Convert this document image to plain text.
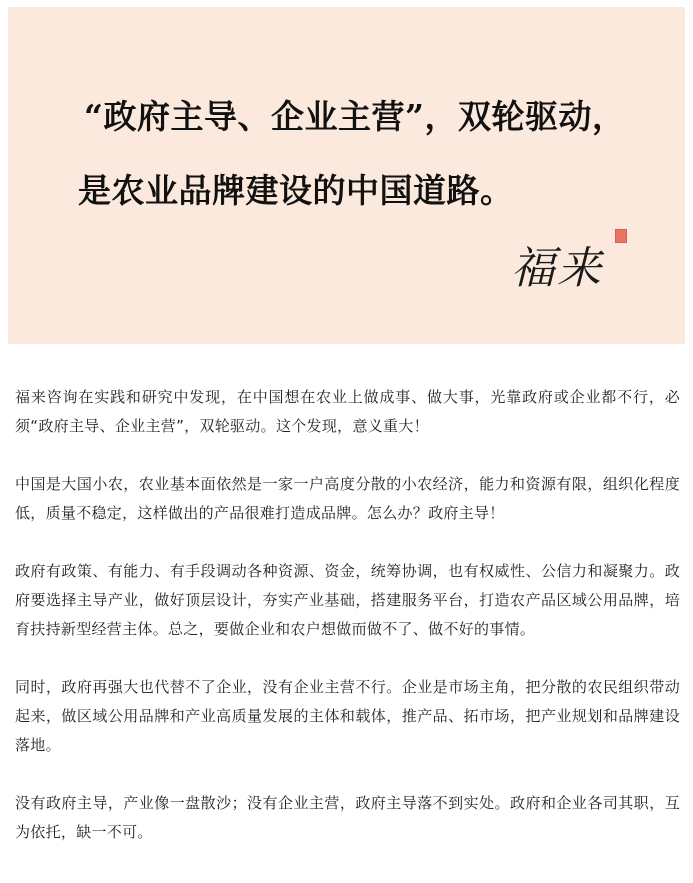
“政府主导、企业主营”，双轮驱动，
是农业品牌建设的中国道路。
福来

福来咨询在实践和研究中发现，在中国想在农业上做成事、做大事，光靠政府或企业都不行，必须“政府主导、企业主营”，双轮驱动。这个发现，意义重大！

中国是大国小农，农业基本面依然是一家一户高度分散的小农经济，能力和资源有限，组织化程度低，质量不稳定，这样做出的产品很难打造成品牌。怎么办？政府主导！

政府有政策、有能力、有手段调动各种资源、资金，统筹协调，也有权威性、公信力和凝聚力。政府要选择主导产业，做好顶层设计，夯实产业基础，搭建服务平台，打造农产品区域公用品牌，培育扶持新型经营主体。总之，要做企业和农户想做而做不了、做不好的事情。

同时，政府再强大也代替不了企业，没有企业主营不行。企业是市场主角，把分散的农民组织带动起来，做区域公用品牌和产业高质量发展的主体和载体，推产品、拓市场，把产业规划和品牌建设落地。

没有政府主导，产业像一盘散沙；没有企业主营，政府主导落不到实处。政府和企业各司其职，互为依托，缺一不可。
